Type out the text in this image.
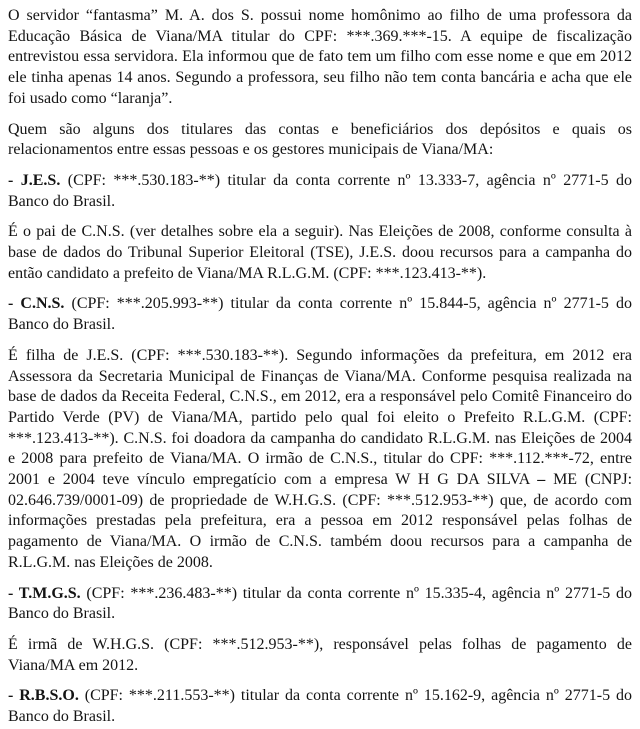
O servidor “fantasma” M. A. dos S. possui nome homônimo ao filho de uma professora da Educação Básica de Viana/MA titular do CPF: ***.369.***-15. A equipe de fiscalização entrevistou essa servidora. Ela informou que de fato tem um filho com esse nome e que em 2012 ele tinha apenas 14 anos. Segundo a professora, seu filho não tem conta bancária e acha que ele foi usado como “laranja”.

Quem são alguns dos titulares das contas e beneficiários dos depósitos e quais os relacionamentos entre essas pessoas e os gestores municipais de Viana/MA:

- J.E.S. (CPF: ***.530.183-**) titular da conta corrente nº 13.333-7, agência nº 2771-5 do Banco do Brasil.

É o pai de C.N.S. (ver detalhes sobre ela a seguir). Nas Eleições de 2008, conforme consulta à base de dados do Tribunal Superior Eleitoral (TSE), J.E.S. doou recursos para a campanha do então candidato a prefeito de Viana/MA R.L.G.M. (CPF: ***.123.413-**).

- C.N.S. (CPF: ***.205.993-**) titular da conta corrente nº 15.844-5, agência nº 2771-5 do Banco do Brasil.

É filha de J.E.S. (CPF: ***.530.183-**). Segundo informações da prefeitura, em 2012 era Assessora da Secretaria Municipal de Finanças de Viana/MA. Conforme pesquisa realizada na base de dados da Receita Federal, C.N.S., em 2012, era a responsável pelo Comitê Financeiro do Partido Verde (PV) de Viana/MA, partido pelo qual foi eleito o Prefeito R.L.G.M. (CPF: ***.123.413-**). C.N.S. foi doadora da campanha do candidato R.L.G.M. nas Eleições de 2004 e 2008 para prefeito de Viana/MA. O irmão de C.N.S., titular do CPF: ***.112.***-72, entre 2001 e 2004 teve vínculo empregatício com a empresa W H G DA SILVA – ME (CNPJ: 02.646.739/0001-09) de propriedade de W.H.G.S. (CPF: ***.512.953-**) que, de acordo com informações prestadas pela prefeitura, era a pessoa em 2012 responsável pelas folhas de pagamento de Viana/MA. O irmão de C.N.S. também doou recursos para a campanha de R.L.G.M. nas Eleições de 2008.

- T.M.G.S. (CPF: ***.236.483-**) titular da conta corrente nº 15.335-4, agência nº 2771-5 do Banco do Brasil.

É irmã de W.H.G.S. (CPF: ***.512.953-**), responsável pelas folhas de pagamento de Viana/MA em 2012.

- R.B.S.O. (CPF: ***.211.553-**) titular da conta corrente nº 15.162-9, agência nº 2771-5 do Banco do Brasil.
